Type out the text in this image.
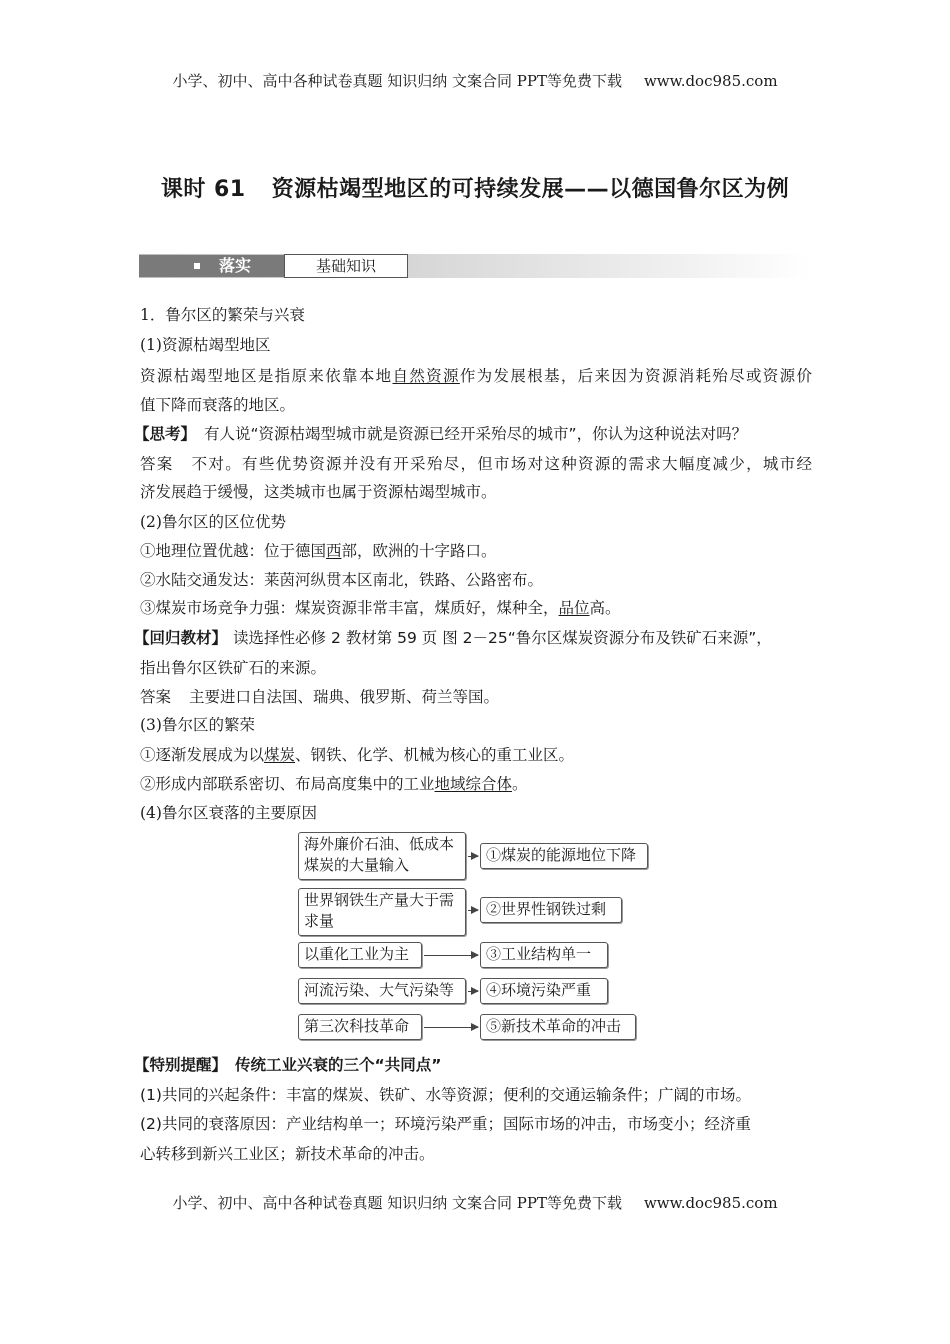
小学、初中、高中各种试卷真题 知识归纳 文案合同 PPT等免费下载 www.doc985.com
课时 61 资源枯竭型地区的可持续发展——以德国鲁尔区为例
落实	基础知识
1．鲁尔区的繁荣与兴衰
(1)资源枯竭型地区
资源枯竭型地区是指原来依靠本地自然资源作为发展根基，后来因为资源消耗殆尽或资源价
值下降而衰落的地区。
【思考】 有人说“资源枯竭型城市就是资源已经开采殆尽的城市”，你认为这种说法对吗？
答案 不对。有些优势资源并没有开采殆尽，但市场对这种资源的需求大幅度减少，城市经
济发展趋于缓慢，这类城市也属于资源枯竭型城市。
(2)鲁尔区的区位优势
①地理位置优越：位于德国西部，欧洲的十字路口。
②水陆交通发达：莱茵河纵贯本区南北，铁路、公路密布。
③煤炭市场竞争力强：煤炭资源非常丰富，煤质好，煤种全，品位高。
【回归教材】 读选择性必修 2 教材第 59 页 图 2－25“鲁尔区煤炭资源分布及铁矿石来源”，
指出鲁尔区铁矿石的来源。
答案 主要进口自法国、瑞典、俄罗斯、荷兰等国。
(3)鲁尔区的繁荣
①逐渐发展成为以煤炭、钢铁、化学、机械为核心的重工业区。
②形成内部联系密切、布局高度集中的工业地域综合体。
(4)鲁尔区衰落的主要原因
海外廉价石油、低成本煤炭的大量输入
①煤炭的能源地位下降
世界钢铁生产量大于需求量
②世界性钢铁过剩
以重化工业为主	③工业结构单一
河流污染、大气污染等	④环境污染严重
第三次科技革命	⑤新技术革命的冲击
【特别提醒】 传统工业兴衰的三个“共同点”
(1)共同的兴起条件：丰富的煤炭、铁矿、水等资源；便利的交通运输条件；广阔的市场。
(2)共同的衰落原因：产业结构单一；环境污染严重；国际市场的冲击，市场变小；经济重
心转移到新兴工业区；新技术革命的冲击。
小学、初中、高中各种试卷真题 知识归纳 文案合同 PPT等免费下载 www.doc985.com
